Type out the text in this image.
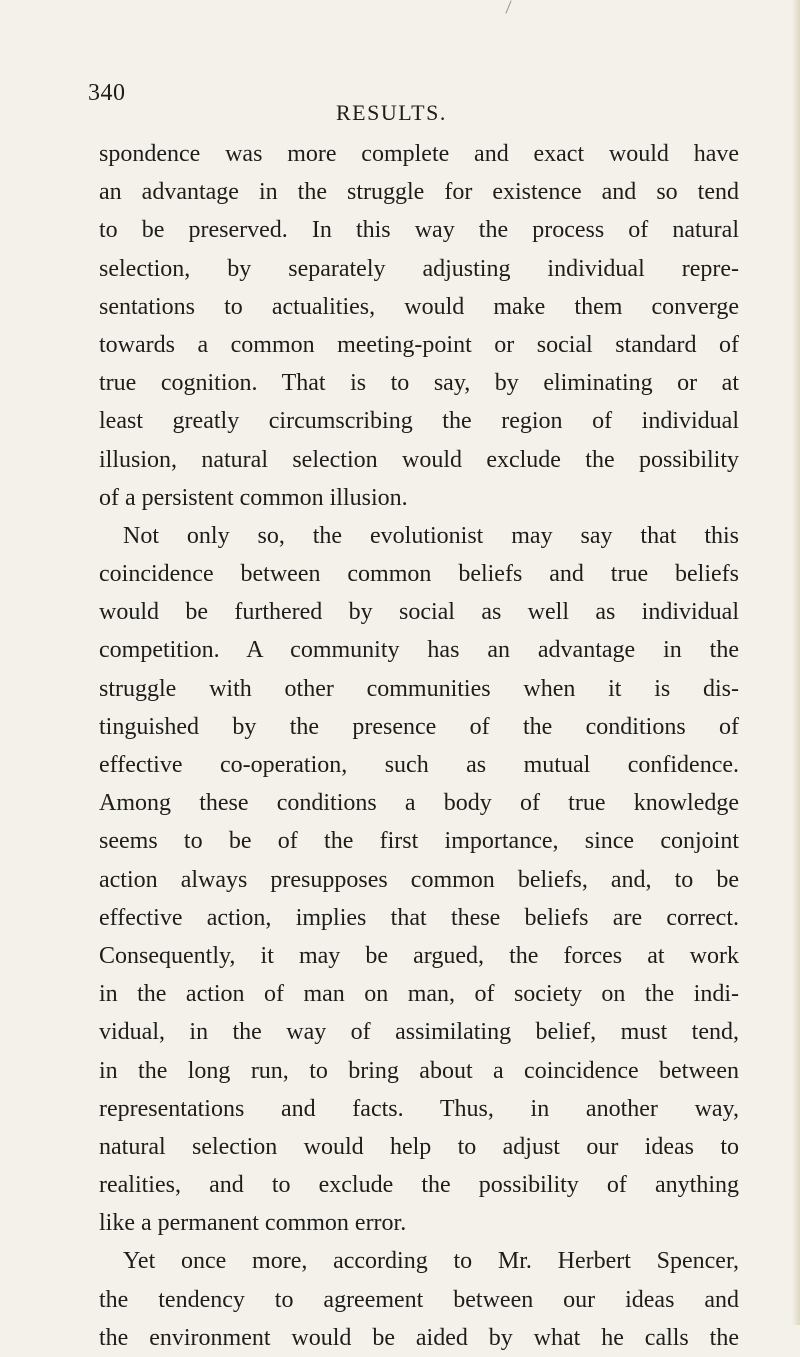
340
RESULTS.
spondence was more complete and exact would have
an advantage in the struggle for existence and so tend
to be preserved. In this way the process of natural
selection, by separately adjusting individual repre-
sentations to actualities, would make them converge
towards a common meeting-point or social standard of
true cognition. That is to say, by eliminating or at
least greatly circumscribing the region of individual
illusion, natural selection would exclude the possibility
of a persistent common illusion.
Not only so, the evolutionist may say that this
coincidence between common beliefs and true beliefs
would be furthered by social as well as individual
competition. A community has an advantage in the
struggle with other communities when it is dis-
tinguished by the presence of the conditions of
effective co-operation, such as mutual confidence.
Among these conditions a body of true knowledge
seems to be of the first importance, since conjoint
action always presupposes common beliefs, and, to be
effective action, implies that these beliefs are correct.
Consequently, it may be argued, the forces at work
in the action of man on man, of society on the indi-
vidual, in the way of assimilating belief, must tend,
in the long run, to bring about a coincidence between
representations and facts. Thus, in another way,
natural selection would help to adjust our ideas to
realities, and to exclude the possibility of anything
like a permanent common error.
Yet once more, according to Mr. Herbert Spencer,
the tendency to agreement between our ideas and
the environment would be aided by what he calls the
